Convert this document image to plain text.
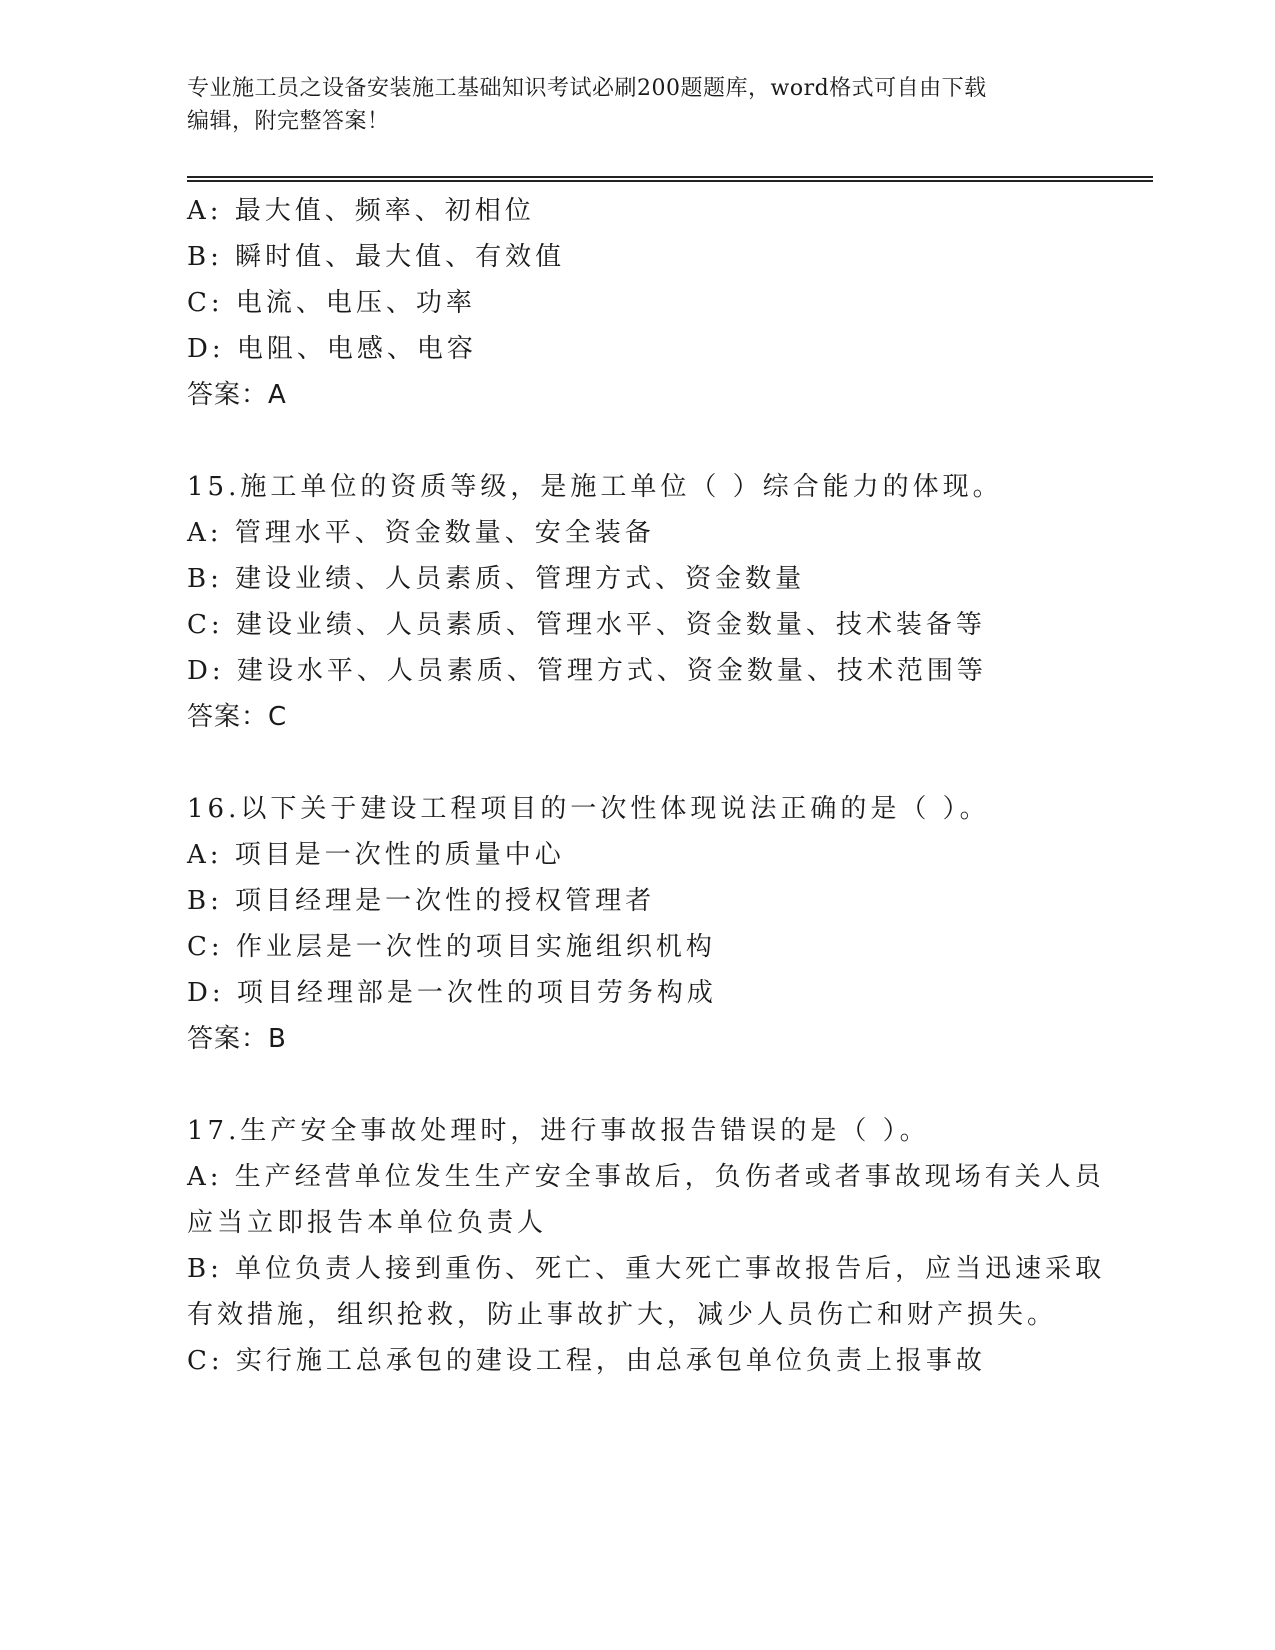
专业施工员之设备安装施工基础知识考试必刷200题题库，word格式可自由下载
编辑，附完整答案！
A: 最大值、频率、初相位
B: 瞬时值、最大值、有效值
C: 电流、电压、功率
D: 电阻、电感、电容
答案：A
15.施工单位的资质等级，是施工单位（ ）综合能力的体现。
A: 管理水平、资金数量、安全装备
B: 建设业绩、人员素质、管理方式、资金数量
C: 建设业绩、人员素质、管理水平、资金数量、技术装备等
D: 建设水平、人员素质、管理方式、资金数量、技术范围等
答案：C
16.以下关于建设工程项目的一次性体现说法正确的是（ ）。
A: 项目是一次性的质量中心
B: 项目经理是一次性的授权管理者
C: 作业层是一次性的项目实施组织机构
D: 项目经理部是一次性的项目劳务构成
答案：B
17.生产安全事故处理时，进行事故报告错误的是（ ）。
A: 生产经营单位发生生产安全事故后，负伤者或者事故现场有关人员
应当立即报告本单位负责人
B: 单位负责人接到重伤、死亡、重大死亡事故报告后，应当迅速采取
有效措施，组织抢救，防止事故扩大，减少人员伤亡和财产损失。
C: 实行施工总承包的建设工程，由总承包单位负责上报事故
